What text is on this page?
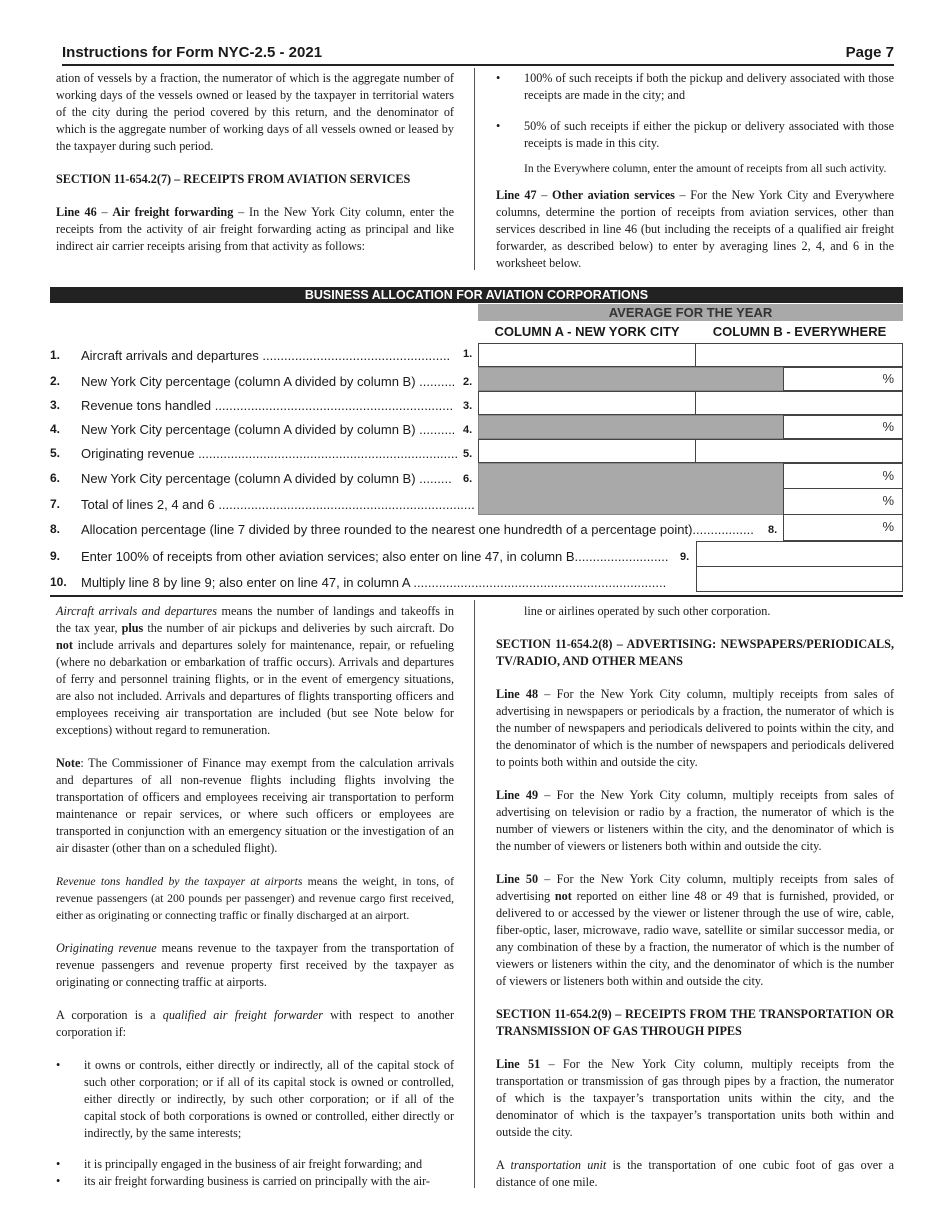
Instructions for Form NYC-2.5 - 2021	Page 7

ation of vessels by a fraction, the numerator of which is the aggregate number of working days of the vessels owned or leased by the taxpayer in territorial waters of the city during the period covered by this return, and the denominator of which is the aggregate number of working days of all vessels owned or leased by the taxpayer during such period.

SECTION 11-654.2(7) – RECEIPTS FROM AVIATION SERVICES

Line 46 – Air freight forwarding – In the New York City column, enter the receipts from the activity of air freight forwarding acting as principal and like indirect air carrier receipts arising from that activity as follows:

• 100% of such receipts if both the pickup and delivery associated with those receipts are made in the city; and
• 50% of such receipts if either the pickup or delivery associated with those receipts is made in this city.

In the Everywhere column, enter the amount of receipts from all such activity.

Line 47 – Other aviation services – For the New York City and Everywhere columns, determine the portion of receipts from aviation services, other than services described in line 46 (but including the receipts of a qualified air freight forwarder, as described below) to enter by averaging lines 2, 4, and 6 in the worksheet below.

BUSINESS ALLOCATION FOR AVIATION CORPORATIONS
AVERAGE FOR THE YEAR
COLUMN A - NEW YORK CITY	COLUMN B - EVERYWHERE
1. Aircraft arrivals and departures .................................................... 1.
2. New York City percentage (column A divided by column B) .......... 2.	%
3. Revenue tons handled .................................................................. 3.
4. New York City percentage (column A divided by column B) .......... 4.	%
5. Originating revenue ........................................................................ 5.
6. New York City percentage (column A divided by column B) ......... 6.	%
7. Total of lines 2, 4 and 6 .......................................................................	%
8. Allocation percentage (line 7 divided by three rounded to the nearest one hundredth of a percentage point)................. 8.	%
9. Enter 100% of receipts from other aviation services; also enter on line 47, in column B.......................... 9.
10. Multiply line 8 by line 9; also enter on line 47, in column A ......................................................................

Aircraft arrivals and departures means the number of landings and takeoffs in the tax year, plus the number of air pickups and deliveries by such aircraft. Do not include arrivals and departures solely for maintenance, repair, or refueling (where no debarkation or embarkation of traffic occurs). Arrivals and departures of ferry and personnel training flights, or in the event of emergency situations, are also not included. Arrivals and departures of flights transporting officers and employees receiving air transportation are included (but see Note below for exceptions) without regard to remuneration.

Note: The Commissioner of Finance may exempt from the calculation arrivals and departures of all non-revenue flights including flights involving the transportation of officers and employees receiving air transportation to perform maintenance or repair services, or where such officers or employees are transported in conjunction with an emergency situation or the investigation of an air disaster (other than on a scheduled flight).

Revenue tons handled by the taxpayer at airports means the weight, in tons, of revenue passengers (at 200 pounds per passenger) and revenue cargo first received, either as originating or connecting traffic or finally discharged at an airport.

Originating revenue means revenue to the taxpayer from the transportation of revenue passengers and revenue property first received by the taxpayer as originating or connecting traffic at airports.

A corporation is a qualified air freight forwarder with respect to another corporation if:

• it owns or controls, either directly or indirectly, all of the capital stock of such other corporation; or if all of its capital stock is owned or controlled, either directly or indirectly, by such other corporation; or if all of the capital stock of both corporations is owned or controlled, either directly or indirectly, by the same interests;
• it is principally engaged in the business of air freight forwarding; and
• its air freight forwarding business is carried on principally with the air-

line or airlines operated by such other corporation.

SECTION 11-654.2(8) – ADVERTISING: NEWSPAPERS/PERIODICALS, TV/RADIO, AND OTHER MEANS

Line 48 – For the New York City column, multiply receipts from sales of advertising in newspapers or periodicals by a fraction, the numerator of which is the number of newspapers and periodicals delivered to points within the city, and the denominator of which is the number of newspapers and periodicals delivered to points both within and outside the city.

Line 49 – For the New York City column, multiply receipts from sales of advertising on television or radio by a fraction, the numerator of which is the number of viewers or listeners within the city, and the denominator of which is the number of viewers or listeners both within and outside the city.

Line 50 – For the New York City column, multiply receipts from sales of advertising not reported on either line 48 or 49 that is furnished, provided, or delivered to or accessed by the viewer or listener through the use of wire, cable, fiber-optic, laser, microwave, radio wave, satellite or similar successor media, or any combination of these by a fraction, the numerator of which is the number of viewers or listeners within the city, and the denominator of which is the number of viewers or listeners both within and outside the city.

SECTION 11-654.2(9) – RECEIPTS FROM THE TRANSPORTATION OR TRANSMISSION OF GAS THROUGH PIPES

Line 51 – For the New York City column, multiply receipts from the transportation or transmission of gas through pipes by a fraction, the numerator of which is the taxpayer’s transportation units within the city, and the denominator of which is the taxpayer’s transportation units both within and outside the city.

A transportation unit is the transportation of one cubic foot of gas over a distance of one mile.
